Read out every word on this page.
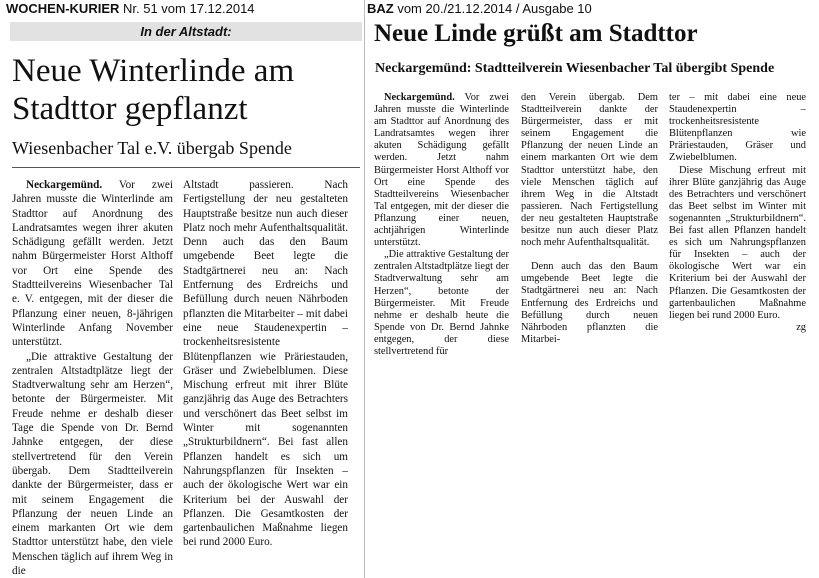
WOCHEN-KURIER Nr. 51 vom 17.12.2014
In der Altstadt:
Neue Winterlinde am
Stadttor gepflanzt
Wiesenbacher Tal e.V. übergab Spende

Neckargemünd. Vor zwei Jahren musste die Winterlinde am Stadttor auf Anordnung des Landratsamtes wegen ihrer akuten Schädigung gefällt werden. Jetzt nahm Bürgermeister Horst Althoff vor Ort eine Spende des Stadtteilvereins Wiesenbacher Tal e. V. entgegen, mit der dieser die Pflanzung einer neuen, 8-jährigen Winterlinde Anfang November unterstützt.

„Die attraktive Gestaltung der zentralen Altstadtplätze liegt der Stadtverwaltung sehr am Herzen“, betonte der Bürgermeister. Mit Freude nehme er deshalb dieser Tage die Spende von Dr. Bernd Jahnke entgegen, der diese stellvertretend für den Verein übergab. Dem Stadtteilverein dankte der Bürgermeister, dass er mit seinem Engagement die Pflanzung der neuen Linde an einem markanten Ort wie dem Stadttor unterstützt habe, den viele Menschen täglich auf ihrem Weg in die

Altstadt passieren. Nach Fertigstellung der neu gestalteten Hauptstraße besitze nun auch dieser Platz noch mehr Aufenthaltsqualität. Denn auch das den Baum umgebende Beet legte die Stadtgärtnerei neu an: Nach Entfernung des Erdreichs und Befüllung durch neuen Nährboden pflanzten die Mitarbeiter – mit dabei eine neue Staudenexpertin – trockenheitsresistente Blütenpflanzen wie Präriestauden, Gräser und Zwiebelblumen. Diese Mischung erfreut mit ihrer Blüte ganzjährig das Auge des Betrachters und verschönert das Beet selbst im Winter mit sogenannten „Strukturbildnern“. Bei fast allen Pflanzen handelt es sich um Nahrungspflanzen für Insekten – auch der ökologische Wert war ein Kriterium bei der Auswahl der Pflanzen. Die Gesamtkosten der gartenbaulichen Maßnahme liegen bei rund 2000 Euro.

BAZ vom 20./21.12.2014 / Ausgabe 10
Neue Linde grüßt am Stadttor
Neckargemünd: Stadtteilverein Wiesenbacher Tal übergibt Spende

Neckargemünd. Vor zwei Jahren musste die Winterlinde am Stadttor auf Anordnung des Landratsamtes wegen ihrer akuten Schädigung gefällt werden. Jetzt nahm Bürgermeister Horst Althoff vor Ort eine Spende des Stadtteilvereins Wiesenbacher Tal entgegen, mit der dieser die Pflanzung einer neuen, achtjährigen Winterlinde unterstützt.

„Die attraktive Gestaltung der zentralen Altstadtplätze liegt der Stadtverwaltung sehr am Herzen“, betonte der Bürgermeister. Mit Freude nehme er deshalb heute die Spende von Dr. Bernd Jahnke entgegen, der diese stellvertretend für

den Verein übergab. Dem Stadtteilverein dankte der Bürgermeister, dass er mit seinem Engagement die Pflanzung der neuen Linde an einem markanten Ort wie dem Stadttor unterstützt habe, den viele Menschen täglich auf ihrem Weg in die Altstadt passieren. Nach Fertigstellung der neu gestalteten Hauptstraße besitze nun auch dieser Platz noch mehr Aufenthaltsqualität.

Denn auch das den Baum umgebende Beet legte die Stadtgärtnerei neu an: Nach Entfernung des Erdreichs und Befüllung durch neuen Nährboden pflanzten die Mitarbei-

ter – mit dabei eine neue Staudenexpertin – trockenheitsresistente Blütenpflanzen wie Präriestauden, Gräser und Zwiebelblumen.

Diese Mischung erfreut mit ihrer Blüte ganzjährig das Auge des Betrachters und verschönert das Beet selbst im Winter mit sogenannten „Strukturbildnern“. Bei fast allen Pflanzen handelt es sich um Nahrungspflanzen für Insekten – auch der ökologische Wert war ein Kriterium bei der Auswahl der Pflanzen. Die Gesamtkosten der gartenbaulichen Maßnahme liegen bei rund 2000 Euro.

zg
